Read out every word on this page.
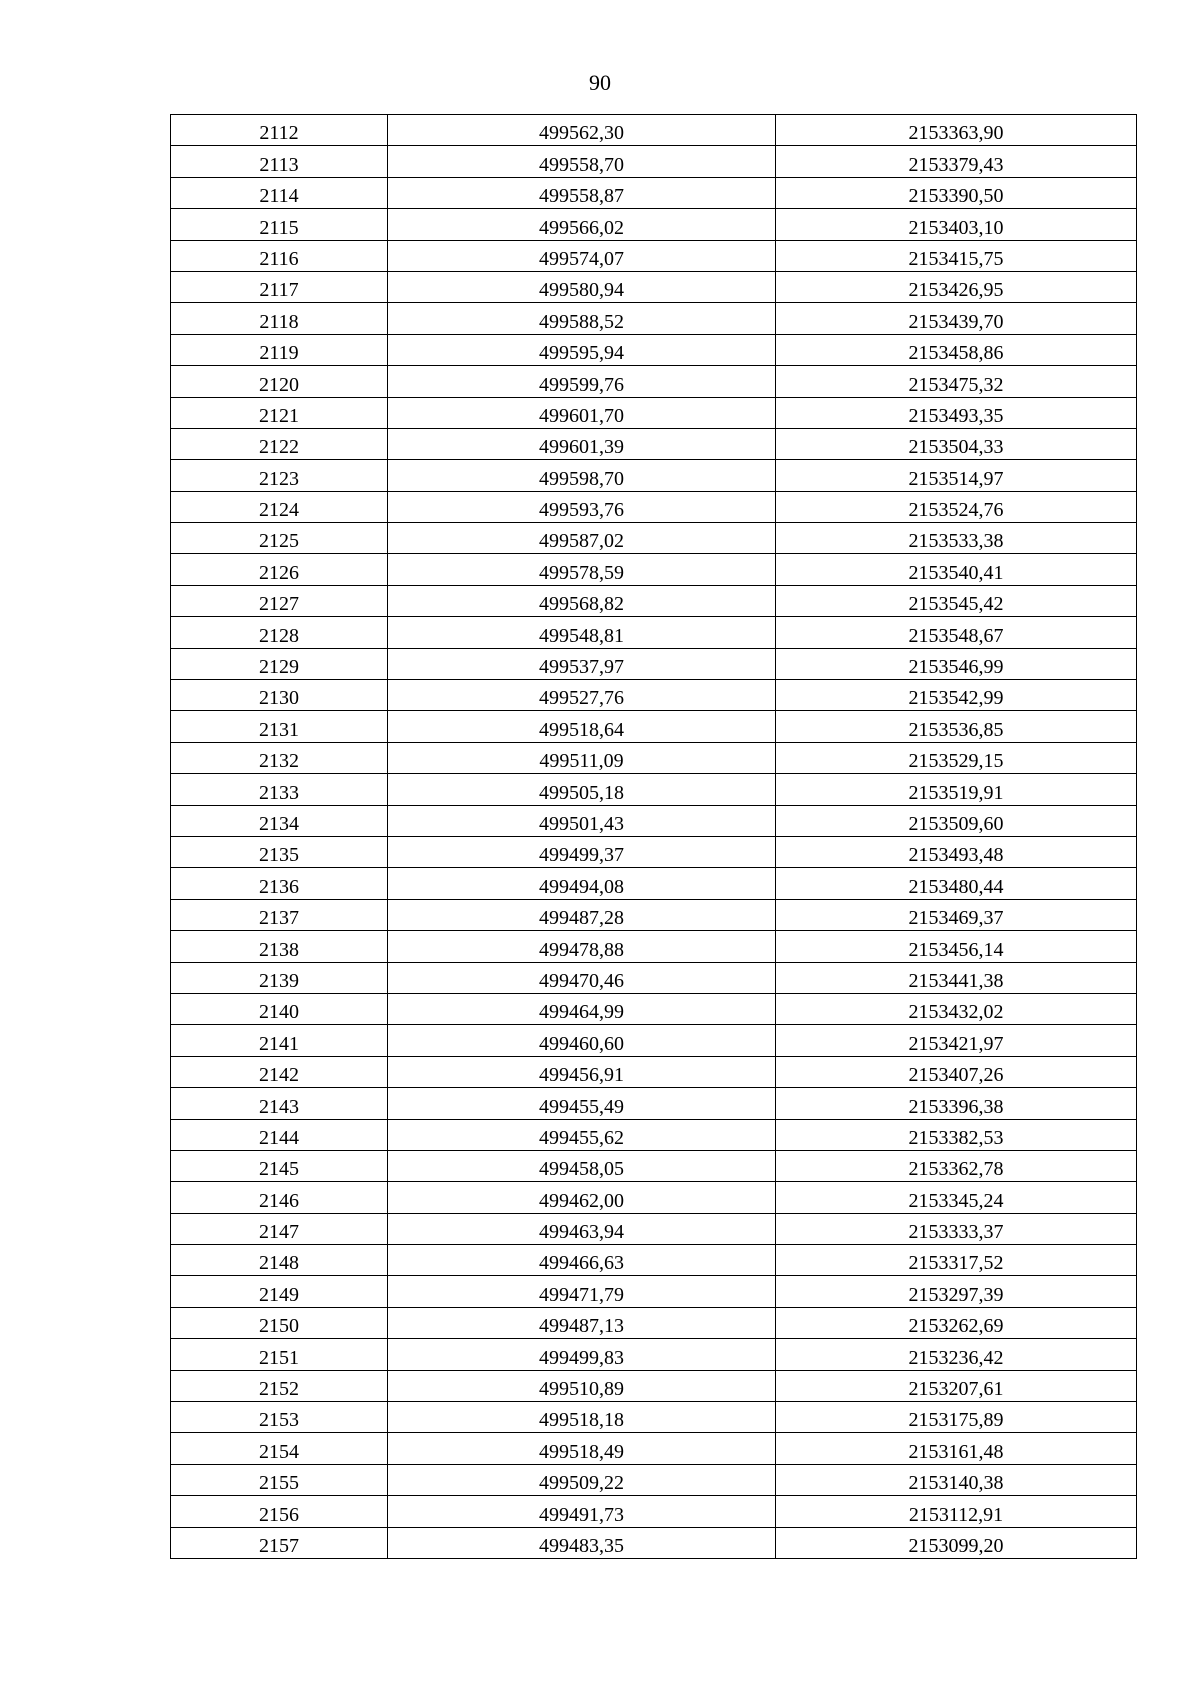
90
2112	499562,30	2153363,90
2113	499558,70	2153379,43
2114	499558,87	2153390,50
2115	499566,02	2153403,10
2116	499574,07	2153415,75
2117	499580,94	2153426,95
2118	499588,52	2153439,70
2119	499595,94	2153458,86
2120	499599,76	2153475,32
2121	499601,70	2153493,35
2122	499601,39	2153504,33
2123	499598,70	2153514,97
2124	499593,76	2153524,76
2125	499587,02	2153533,38
2126	499578,59	2153540,41
2127	499568,82	2153545,42
2128	499548,81	2153548,67
2129	499537,97	2153546,99
2130	499527,76	2153542,99
2131	499518,64	2153536,85
2132	499511,09	2153529,15
2133	499505,18	2153519,91
2134	499501,43	2153509,60
2135	499499,37	2153493,48
2136	499494,08	2153480,44
2137	499487,28	2153469,37
2138	499478,88	2153456,14
2139	499470,46	2153441,38
2140	499464,99	2153432,02
2141	499460,60	2153421,97
2142	499456,91	2153407,26
2143	499455,49	2153396,38
2144	499455,62	2153382,53
2145	499458,05	2153362,78
2146	499462,00	2153345,24
2147	499463,94	2153333,37
2148	499466,63	2153317,52
2149	499471,79	2153297,39
2150	499487,13	2153262,69
2151	499499,83	2153236,42
2152	499510,89	2153207,61
2153	499518,18	2153175,89
2154	499518,49	2153161,48
2155	499509,22	2153140,38
2156	499491,73	2153112,91
2157	499483,35	2153099,20
